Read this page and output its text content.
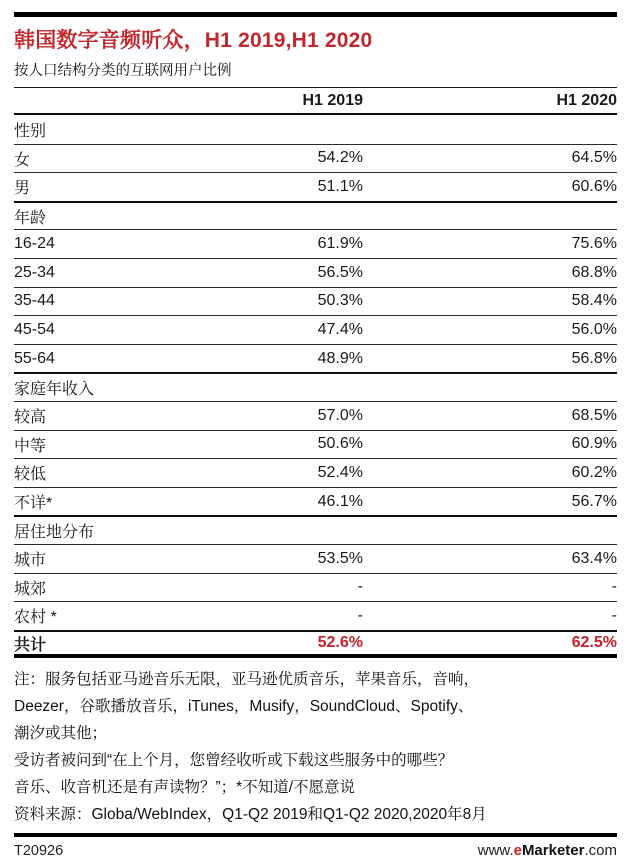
韩国数字音频听众，H1 2019,H1 2020
按人口结构分类的互联网用户比例
H1 2019	H1 2020
性别
女	54.2%	64.5%
男	51.1%	60.6%
年龄
16-24	61.9%	75.6%
25-34	56.5%	68.8%
35-44	50.3%	58.4%
45-54	47.4%	56.0%
55-64	48.9%	56.8%
家庭年收入
较高	57.0%	68.5%
中等	50.6%	60.9%
较低	52.4%	60.2%
不详*	46.1%	56.7%
居住地分布
城市	53.5%	63.4%
城郊	-	-
农村 *	-	-
共计	52.6%	62.5%
注：服务包括亚马逊音乐无限，亚马逊优质音乐，苹果音乐，音响，
Deezer，谷歌播放音乐，iTunes，Musify，SoundCloud、Spotify、
潮汐或其他；
受访者被问到“在上个月，您曾经收听或下载这些服务中的哪些？
音乐、收音机还是有声读物？”；*不知道/不愿意说
资料来源：Globa/WebIndex，Q1-Q2 2019和Q1-Q2 2020,2020年8月
T20926	www.eMarketer.com
